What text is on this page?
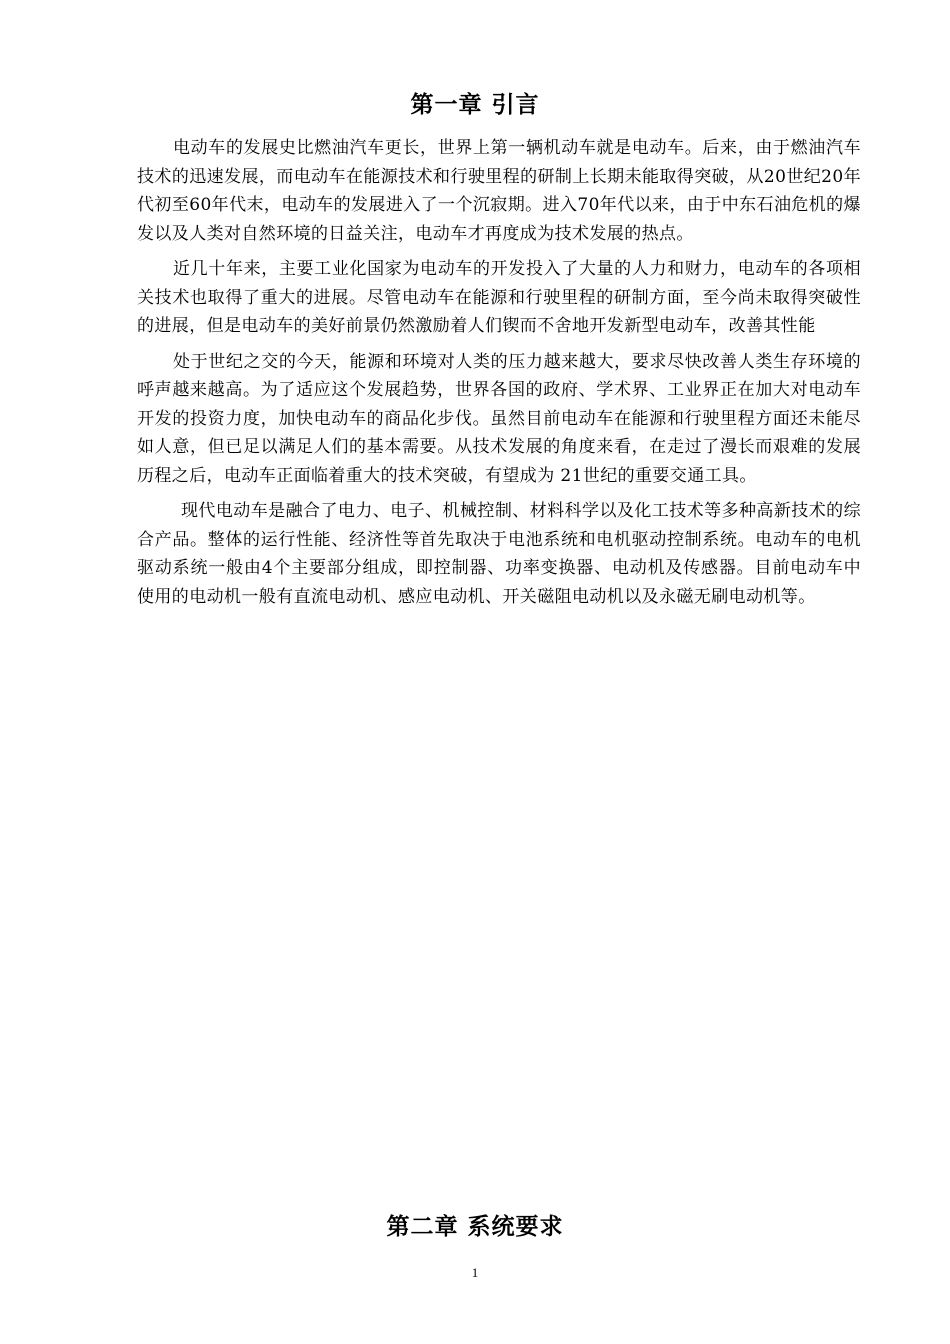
第一章 引言

电动车的发展史比燃油汽车更长，世界上第一辆机动车就是电动车。后来，由于燃油汽车技术的迅速发展，而电动车在能源技术和行驶里程的研制上长期未能取得突破，从20世纪20年代初至60年代末，电动车的发展进入了一个沉寂期。进入70年代以来，由于中东石油危机的爆发以及人类对自然环境的日益关注，电动车才再度成为技术发展的热点。

近几十年来，主要工业化国家为电动车的开发投入了大量的人力和财力，电动车的各项相关技术也取得了重大的进展。尽管电动车在能源和行驶里程的研制方面，至今尚未取得突破性的进展，但是电动车的美好前景仍然激励着人们锲而不舍地开发新型电动车，改善其性能

处于世纪之交的今天，能源和环境对人类的压力越来越大，要求尽快改善人类生存环境的呼声越来越高。为了适应这个发展趋势，世界各国的政府、学术界、工业界正在加大对电动车开发的投资力度，加快电动车的商品化步伐。虽然目前电动车在能源和行驶里程方面还未能尽如人意，但已足以满足人们的基本需要。从技术发展的角度来看，在走过了漫长而艰难的发展历程之后，电动车正面临着重大的技术突破，有望成为 21世纪的重要交通工具。

现代电动车是融合了电力、电子、机械控制、材料科学以及化工技术等多种高新技术的综合产品。整体的运行性能、经济性等首先取决于电池系统和电机驱动控制系统。电动车的电机驱动系统一般由4个主要部分组成，即控制器、功率变换器、电动机及传感器。目前电动车中使用的电动机一般有直流电动机、感应电动机、开关磁阻电动机以及永磁无刷电动机等。

第二章 系统要求
1
